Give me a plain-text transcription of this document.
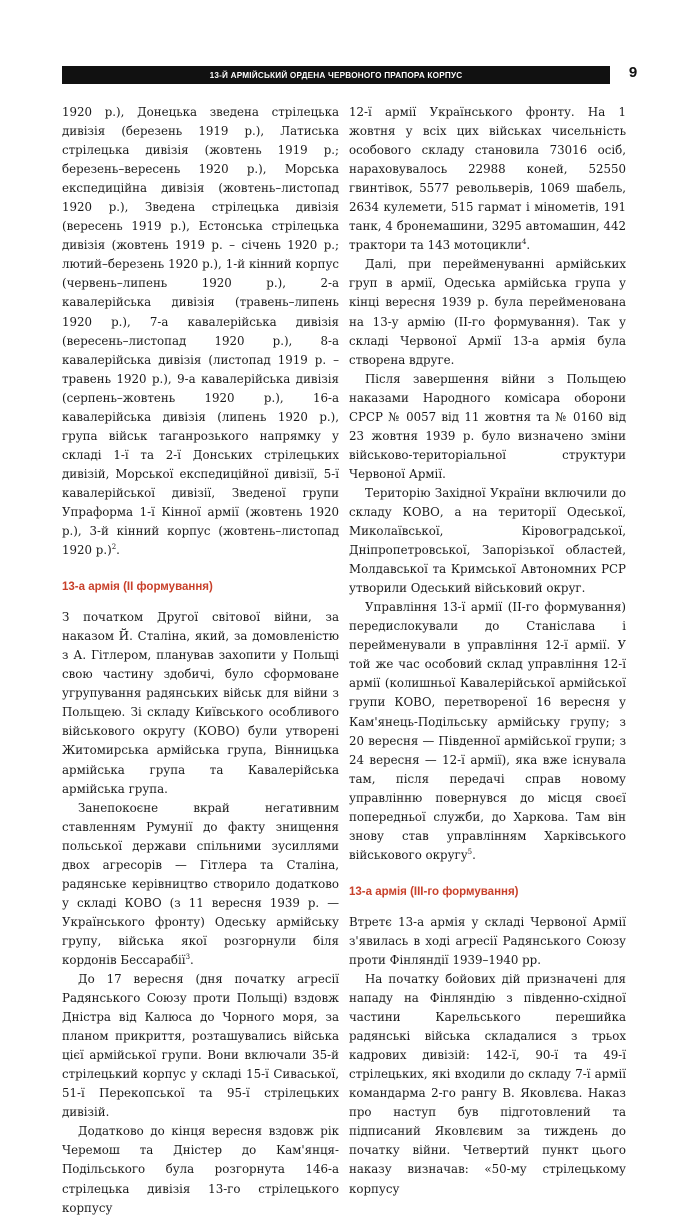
13-Й АРМІЙСЬКИЙ ОРДЕНА ЧЕРВОНОГО ПРАПОРА КОРПУС	9

1920 р.), Донецька зведена стрілецька дивізія (березень 1919 р.), Латиська стрілецька дивізія (жовтень 1919 р.; березень–вересень 1920 р.), Морська експедиційна дивізія (жовтень–листопад 1920 р.), Зведена стрілецька дивізія (вересень 1919 р.), Естонська стрілецька дивізія (жовтень 1919 р. – січень 1920 р.; лютий–березень 1920 р.), 1-й кінний корпус (червень–липень 1920 р.), 2-а кавалерійська дивізія (травень–липень 1920 р.), 7-а кавалерійська дивізія (вересень–листопад 1920 р.), 8-а кавалерійська дивізія (листопад 1919 р. – травень 1920 р.), 9-а кавалерійська дивізія (серпень–жовтень 1920 р.), 16-а кавалерійська дивізія (липень 1920 р.), група військ таганрозького напрямку у складі 1-ї та 2-ї Донських стрілецьких дивізій, Морської експедиційної дивізії, 5-ї кавалерійської дивізії, Зведеної групи Упраформа 1-ї Кінної армії (жовтень 1920 р.), 3-й кінний корпус (жовтень–листопад 1920 р.)$^2$.

13-а армія (ІІ формування)

З початком Другої світової війни, за наказом Й. Сталіна, який, за домовленістю з А. Гітлером, планував захопити у Польщі свою частину здобичі, було сформоване угрупування радянських військ для війни з Польщею. Зі складу Київського особливого військового округу (КОВО) були утворені Житомирська армійська група, Вінницька армійська група та Кавалерійська армійська група.

Занепокоєне вкрай негативним ставленням Румунії до факту знищення польської держави спільними зусиллями двох агресорів — Гітлера та Сталіна, радянське керівництво створило додатково у складі КОВО (з 11 вересня 1939 р. — Українського фронту) Одеську армійську групу, війська якої розгорнули біля кордонів Бессарабії$^3$.

До 17 вересня (дня початку агресії Радянського Союзу проти Польщі) вздовж Дністра від Калюса до Чорного моря, за планом прикриття, розташувались війська цієї армійської групи. Вони включали 35-й стрілецький корпус у складі 15-ї Сиваської, 51-ї Перекопської та 95-ї стрілецьких дивізій.

Додатково до кінця вересня вздовж рік Черемош та Дністер до Кам'янця-Подільського була розгорнута 146-а стрілецька дивізія 13-го стрілецького корпусу

12-ї армії Українського фронту. На 1 жовтня у всіх цих військах чисельність особового складу становила 73016 осіб, нараховувалось 22988 коней, 52550 гвинтівок, 5577 револьверів, 1069 шабель, 2634 кулемети, 515 гармат і мінометів, 191 танк, 4 бронемашини, 3295 автомашин, 442 трактори та 143 мотоцикли$^4$.

Далі, при перейменуванні армійських груп в армії, Одеська армійська група у кінці вересня 1939 р. була перейменована на 13-у армію (ІІ-го формування). Так у складі Червоної Армії 13-а армія була створена вдруге.

Після завершення війни з Польщею наказами Народного комісара оборони СРСР № 0057 від 11 жовтня та № 0160 від 23 жовтня 1939 р. було визначено зміни військово-територіальної структури Червоної Армії.

Територію Західної України включили до складу КОВО, а на території Одеської, Миколаївської, Кіровоградської, Дніпропетровської, Запорізької областей, Молдавської та Кримської Автономних РСР утворили Одеський військовий округ.

Управління 13-ї армії (ІІ-го формування) передислокували до Станіслава і перейменували в управління 12-ї армії. У той же час особовий склад управління 12-ї армії (колишньої Кавалерійської армійської групи КОВО, перетвореної 16 вересня у Кам'янець-Подільську армійську групу; з 20 вересня — Південної армійської групи; з 24 вересня — 12-ї армії), яка вже існувала там, після передачі справ новому управлінню повернувся до місця своєї попередньої служби, до Харкова. Там він знову став управлінням Харківського військового округу$^5$.

13-а армія (ІІІ-го формування)

Втретє 13-а армія у складі Червоної Армії з'явилась в ході агресії Радянського Союзу проти Фінляндії 1939–1940 рр.

На початку бойових дій призначені для нападу на Фінляндію з південно-східної частини Карельського перешийка радянські війська складалися з трьох кадрових дивізій: 142-ї, 90-ї та 49-ї стрілецьких, які входили до складу 7-ї армії командарма 2-го рангу В. Яковлєва. Наказ про наступ був підготовлений та підписаний Яковлєвим за тиждень до початку війни. Четвертий пункт цього наказу визначав: «50-му стрілецькому корпусу
